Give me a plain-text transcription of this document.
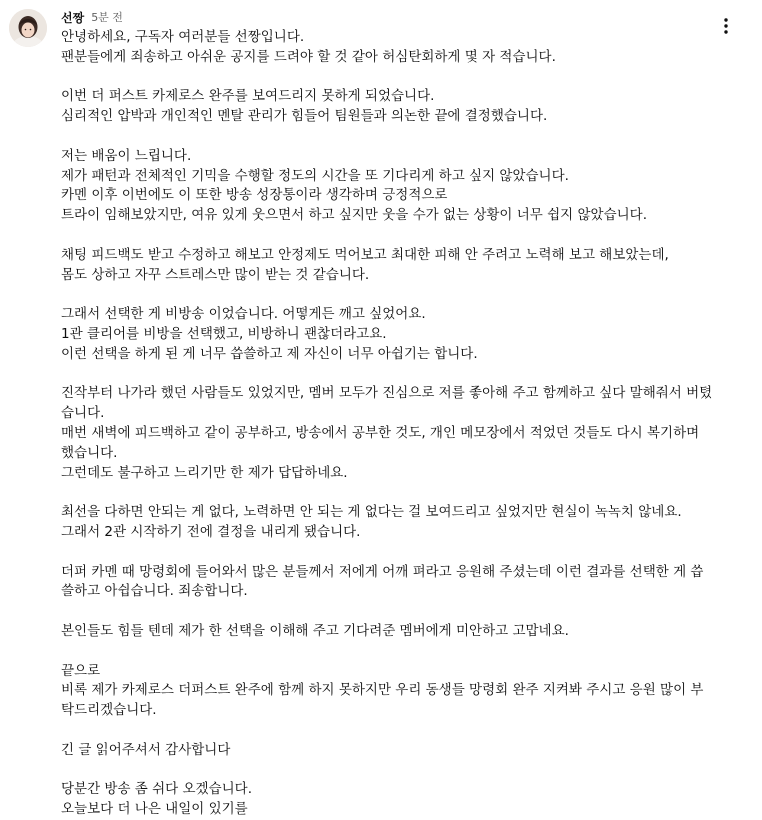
선짱 5분 전
안녕하세요, 구독자 여러분들 선짱입니다.
팬분들에게 죄송하고 아쉬운 공지를 드려야 할 것 같아 허심탄회하게 몇 자 적습니다.
이번 더 퍼스트 카제로스 완주를 보여드리지 못하게 되었습니다.
심리적인 압박과 개인적인 멘탈 관리가 힘들어 팀원들과 의논한 끝에 결정했습니다.
저는 배움이 느립니다.
제가 패턴과 전체적인 기믹을 수행할 정도의 시간을 또 기다리게 하고 싶지 않았습니다.
카멘 이후 이번에도 이 또한 방송 성장통이라 생각하며 긍정적으로
트라이 임해보았지만, 여유 있게 웃으면서 하고 싶지만 웃을 수가 없는 상황이 너무 쉽지 않았습니다.
채팅 피드백도 받고 수정하고 해보고 안정제도 먹어보고 최대한 피해 안 주려고 노력해 보고 해보았는데,
몸도 상하고 자꾸 스트레스만 많이 받는 것 같습니다.
그래서 선택한 게 비방송 이었습니다. 어떻게든 깨고 싶었어요.
1관 클리어를 비방을 선택했고, 비방하니 괜찮더라고요.
이런 선택을 하게 된 게 너무 씁쓸하고 제 자신이 너무 아쉽기는 합니다.
진작부터 나가라 했던 사람들도 있었지만, 멤버 모두가 진심으로 저를 좋아해 주고 함께하고 싶다 말해줘서 버텼
습니다.
매번 새벽에 피드백하고 같이 공부하고, 방송에서 공부한 것도, 개인 메모장에서 적었던 것들도 다시 복기하며
했습니다.
그런데도 불구하고 느리기만 한 제가 답답하네요.
최선을 다하면 안되는 게 없다, 노력하면 안 되는 게 없다는 걸 보여드리고 싶었지만 현실이 녹녹치 않네요.
그래서 2관 시작하기 전에 결정을 내리게 됐습니다.
더퍼 카멘 때 망령회에 들어와서 많은 분들께서 저에게 어깨 펴라고 응원해 주셨는데 이런 결과를 선택한 게 씁
쓸하고 아쉽습니다. 죄송합니다.
본인들도 힘들 텐데 제가 한 선택을 이해해 주고 기다려준 멤버에게 미안하고 고맙네요.
끝으로
비록 제가 카제로스 더퍼스트 완주에 함께 하지 못하지만 우리 동생들 망령회 완주 지켜봐 주시고 응원 많이 부
탁드리겠습니다.
긴 글 읽어주셔서 감사합니다
당분간 방송 좀 쉬다 오겠습니다.
오늘보다 더 나은 내일이 있기를
